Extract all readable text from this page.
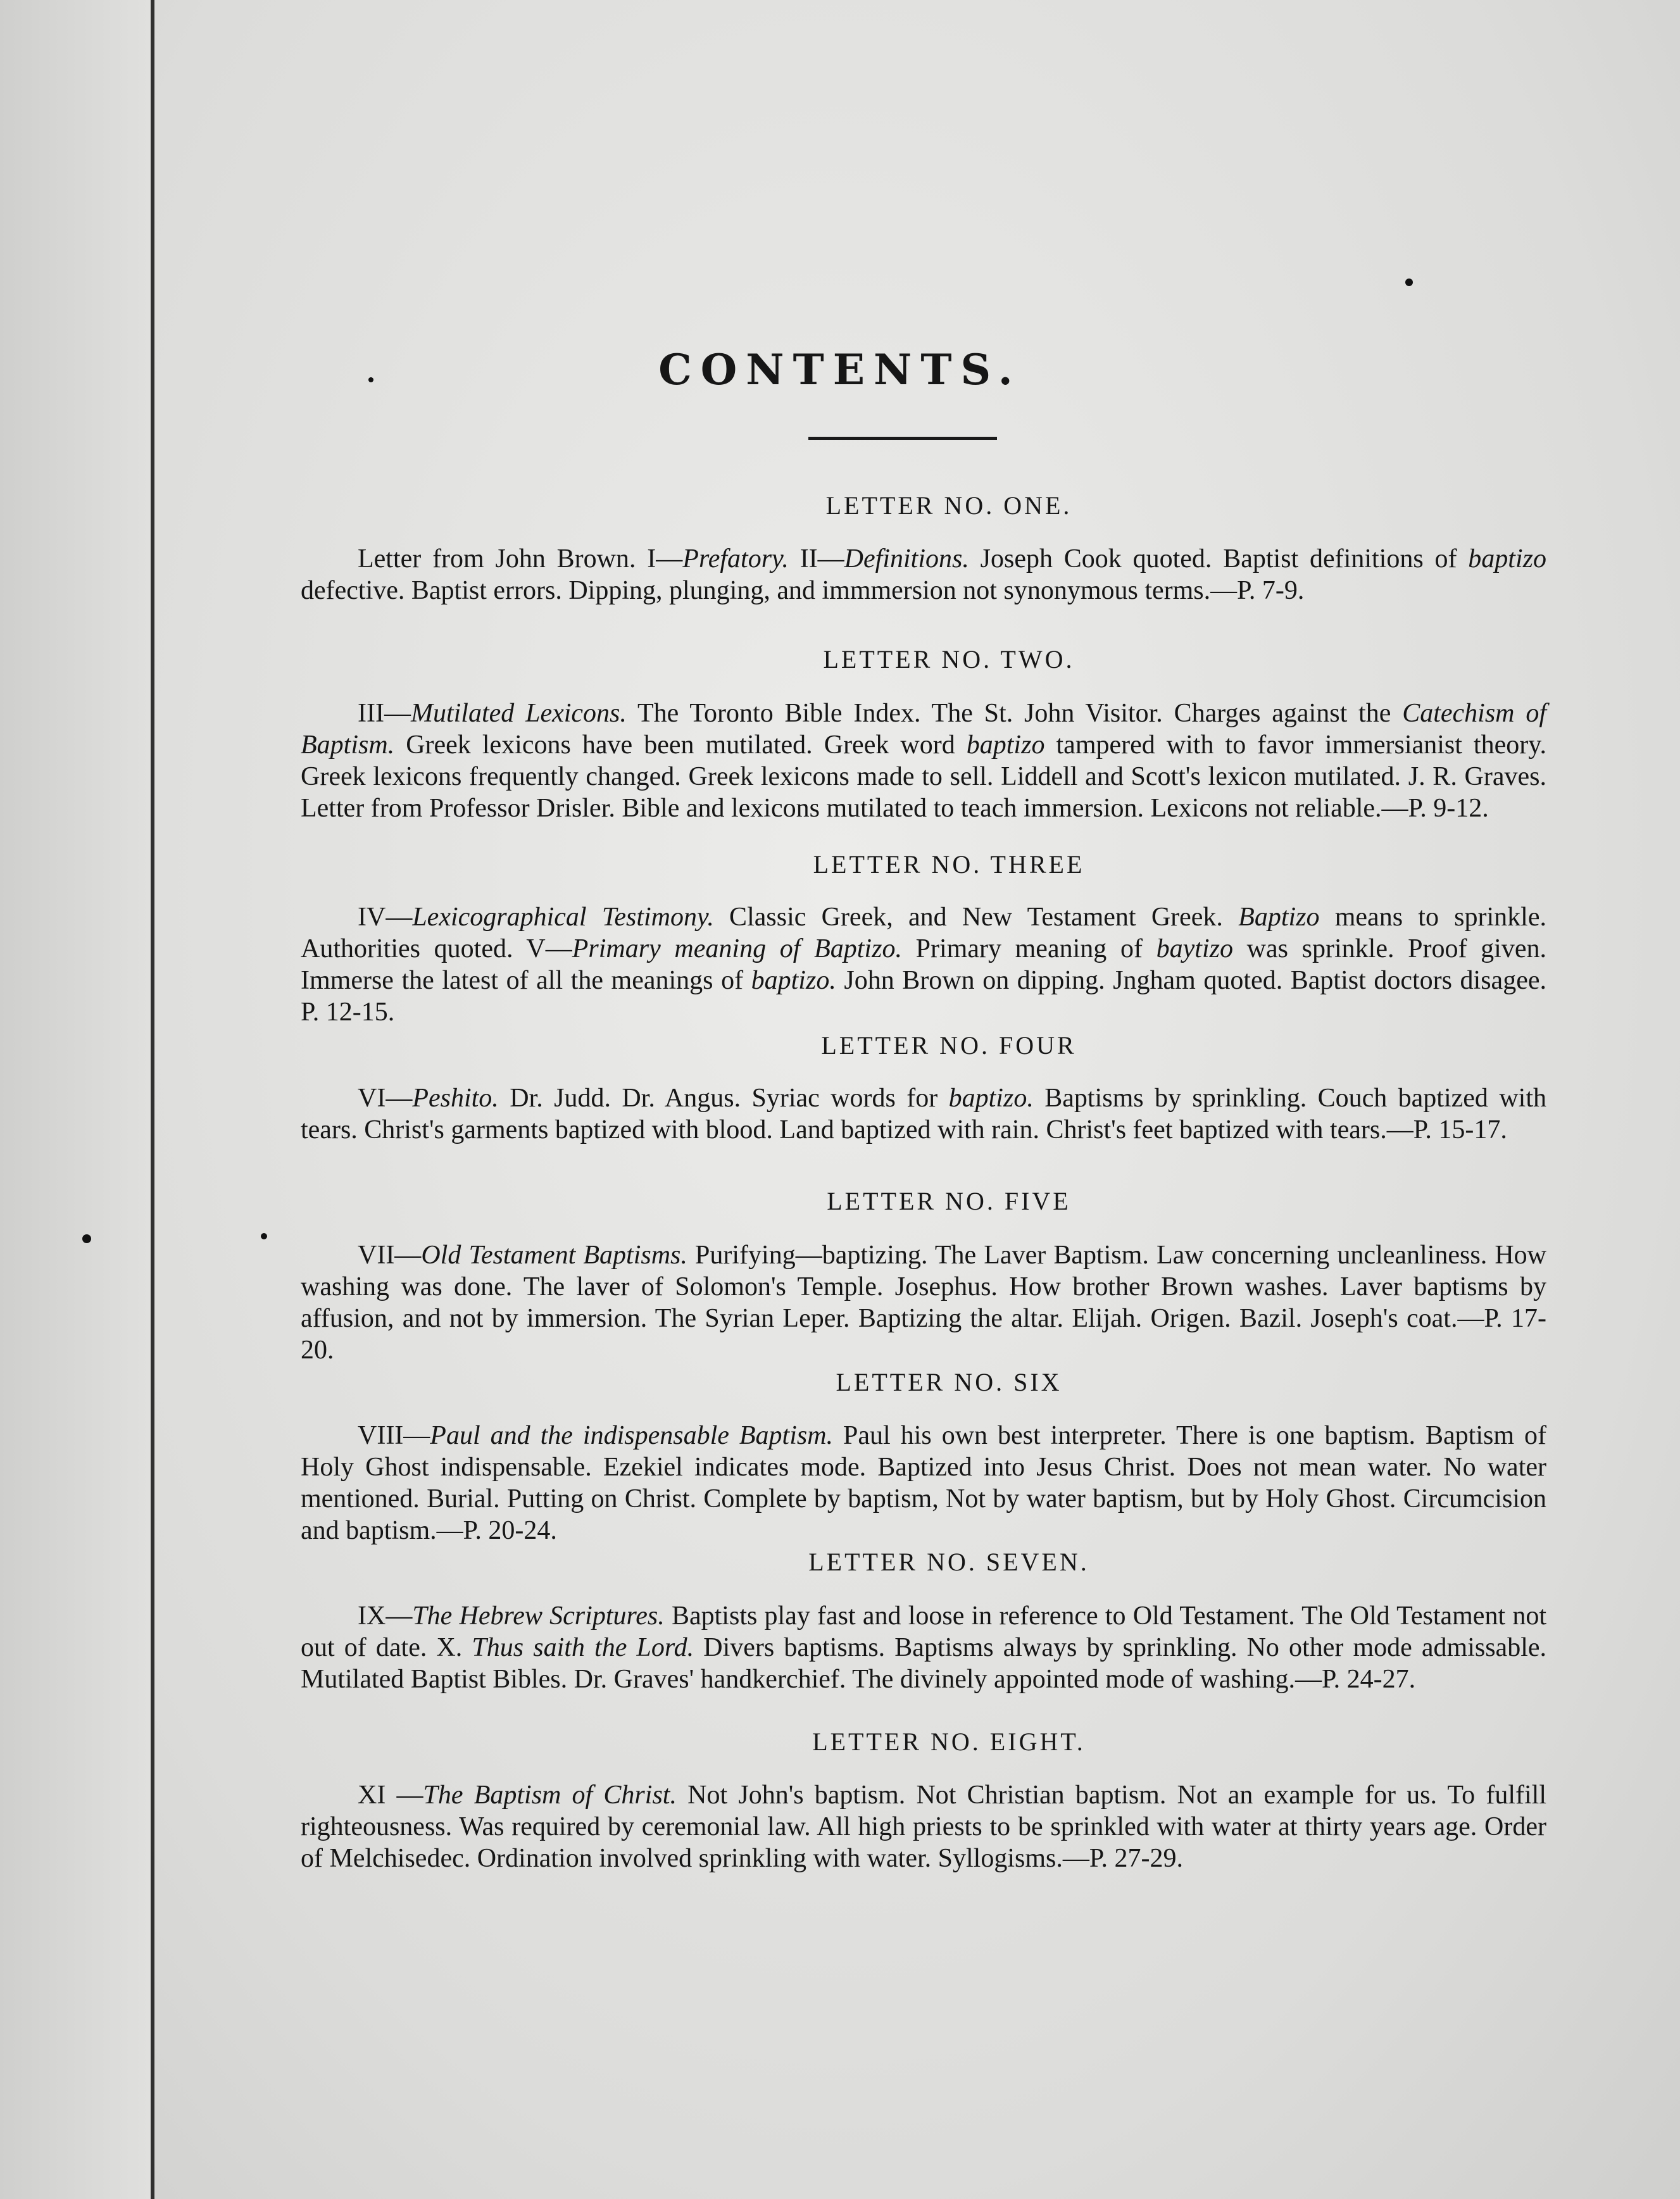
CONTENTS.
LETTER NO. ONE.

Letter from John Brown. I—Prefatory. II—Definitions. Joseph Cook quoted. Baptist definitions of baptizo defective. Baptist errors. Dipping, plunging, and immmersion not synonymous terms.—P. 7-9.

LETTER NO. TWO.

III—Mutilated Lexicons. The Toronto Bible Index. The St. John Visitor. Charges against the Catechism of Baptism. Greek lexicons have been mutilated. Greek word baptizo tampered with to favor immersianist theory. Greek lexicons frequently changed. Greek lexicons made to sell. Liddell and Scott's lexicon mutilated. J. R. Graves. Letter from Professor Drisler. Bible and lexicons mutilated to teach immersion. Lexicons not reliable.—P. 9-12.

LETTER NO. THREE

IV—Lexicographical Testimony. Classic Greek, and New Testament Greek. Baptizo means to sprinkle. Authorities quoted. V—Primary meaning of Baptizo. Primary meaning of baytizo was sprinkle. Proof given. Immerse the latest of all the meanings of baptizo. John Brown on dipping. Jngham quoted. Baptist doctors disagee. P. 12-15.

LETTER NO. FOUR

VI—Peshito. Dr. Judd. Dr. Angus. Syriac words for baptizo. Baptisms by sprinkling. Couch baptized with tears. Christ's garments baptized with blood. Land baptized with rain. Christ's feet baptized with tears.—P. 15-17.

LETTER NO. FIVE

VII—Old Testament Baptisms. Purifying—baptizing. The Laver Baptism. Law concerning uncleanliness. How washing was done. The laver of Solomon's Temple. Josephus. How brother Brown washes. Laver baptisms by affusion, and not by immersion. The Syrian Leper. Baptizing the altar. Elijah. Origen. Bazil. Joseph's coat.—P. 17-20.

LETTER NO. SIX

VIII—Paul and the indispensable Baptism. Paul his own best interpreter. There is one baptism. Baptism of Holy Ghost indispensable. Ezekiel indicates mode. Baptized into Jesus Christ. Does not mean water. No water mentioned. Burial. Putting on Christ. Complete by baptism, Not by water baptism, but by Holy Ghost. Circumcision and baptism.—P. 20-24.

LETTER NO. SEVEN.

IX—The Hebrew Scriptures. Baptists play fast and loose in reference to Old Testament. The Old Testament not out of date. X. Thus saith the Lord. Divers baptisms. Baptisms always by sprinkling. No other mode admissable. Mutilated Baptist Bibles. Dr. Graves' handkerchief. The divinely appointed mode of washing.—P. 24-27.

LETTER NO. EIGHT.

XI —The Baptism of Christ. Not John's baptism. Not Christian baptism. Not an example for us. To fulfill righteousness. Was required by ceremonial law. All high priests to be sprinkled with water at thirty years age. Order of Melchisedec. Ordination involved sprinkling with water. Syllogisms.—P. 27-29.
